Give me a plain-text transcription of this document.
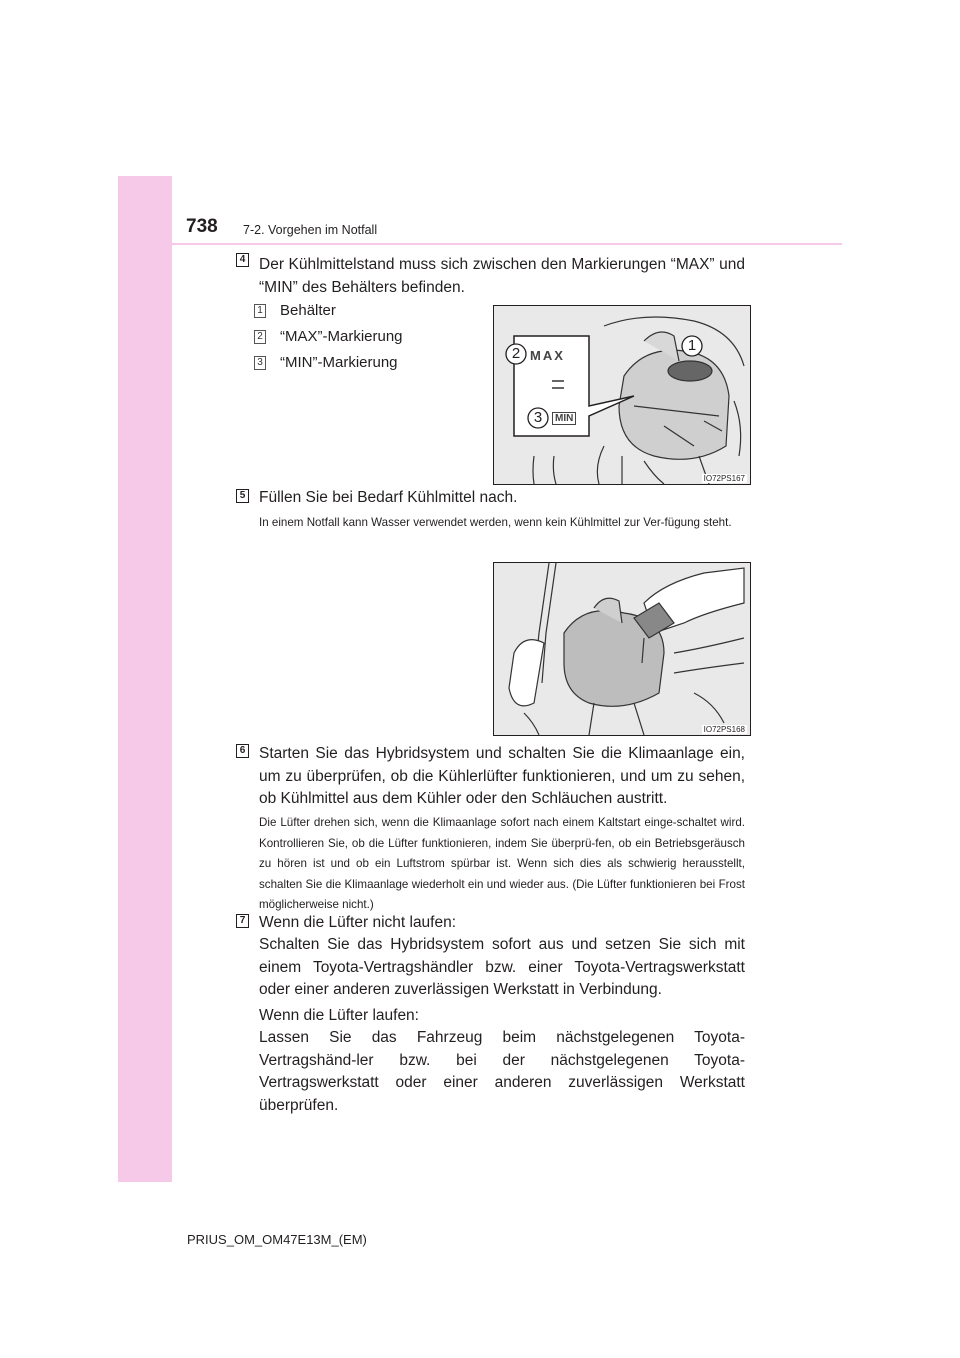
738 7-2. Vorgehen im Notfall
4 Der Kühlmittelstand muss sich zwischen den Markierungen “MAX” und “MIN” des Behälters befinden.
1 Behälter
2 “MAX”-Markierung
3 “MIN”-Markierung
2
3
1
MAX
MIN
IO72PS167
5 Füllen Sie bei Bedarf Kühlmittel nach.
In einem Notfall kann Wasser verwendet werden, wenn kein Kühlmittel zur Ver-fügung steht.
IO72PS168
6 Starten Sie das Hybridsystem und schalten Sie die Klimaanlage ein, um zu überprüfen, ob die Kühlerlüfter funktionieren, und um zu sehen, ob Kühlmittel aus dem Kühler oder den Schläuchen austritt.
Die Lüfter drehen sich, wenn die Klimaanlage sofort nach einem Kaltstart einge-schaltet wird. Kontrollieren Sie, ob die Lüfter funktionieren, indem Sie überprü-fen, ob ein Betriebsgeräusch zu hören ist und ob ein Luftstrom spürbar ist. Wenn sich dies als schwierig herausstellt, schalten Sie die Klimaanlage wiederholt ein und wieder aus. (Die Lüfter funktionieren bei Frost möglicherweise nicht.)
7 Wenn die Lüfter nicht laufen:
Schalten Sie das Hybridsystem sofort aus und setzen Sie sich mit einem Toyota-Vertragshändler bzw. einer Toyota-Vertragswerkstatt oder einer anderen zuverlässigen Werkstatt in Verbindung.
Wenn die Lüfter laufen:
Lassen Sie das Fahrzeug beim nächstgelegenen Toyota-Vertragshänd-ler bzw. bei der nächstgelegenen Toyota-Vertragswerkstatt oder einer anderen zuverlässigen Werkstatt überprüfen.
PRIUS_OM_OM47E13M_(EM)
